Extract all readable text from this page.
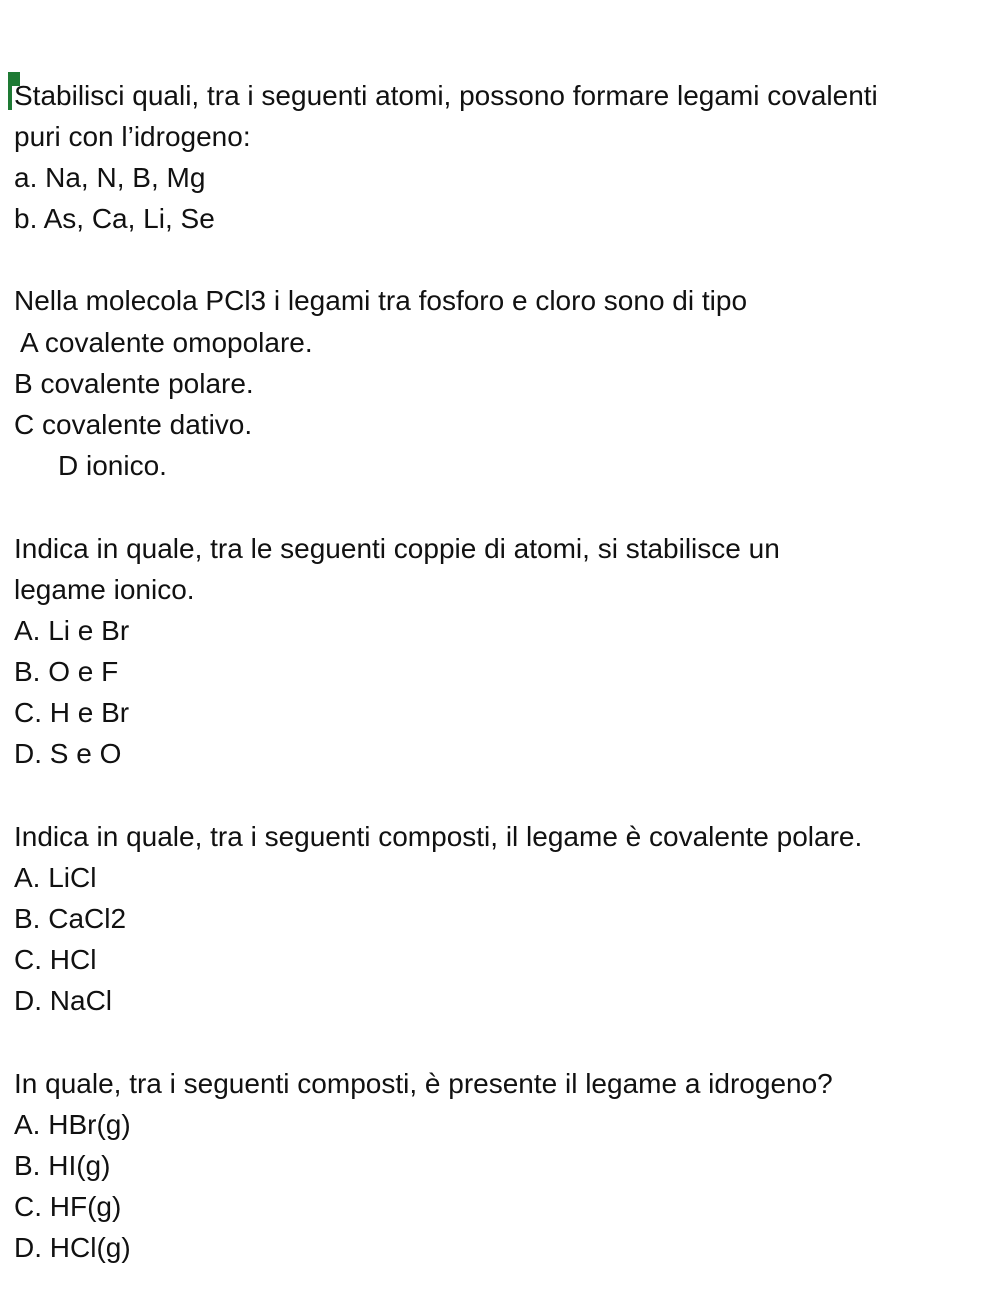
Stabilisci quali, tra i seguenti atomi, possono formare legami covalenti
puri con l’idrogeno:
a. Na, N, B, Mg
b. As, Ca, Li, Se
Nella molecola PCl3 i legami tra fosforo e cloro sono di tipo
A covalente omopolare.
B covalente polare.
C covalente dativo.
D ionico.
Indica in quale, tra le seguenti coppie di atomi, si stabilisce un
legame ionico.
A. Li e Br
B. O e F
C. H e Br
D. S e O
Indica in quale, tra i seguenti composti, il legame è covalente polare.
A. LiCl
B. CaCl2
C. HCl
D. NaCl
In quale, tra i seguenti composti, è presente il legame a idrogeno?
A. HBr(g)
B. HI(g)
C. HF(g)
D. HCl(g)
